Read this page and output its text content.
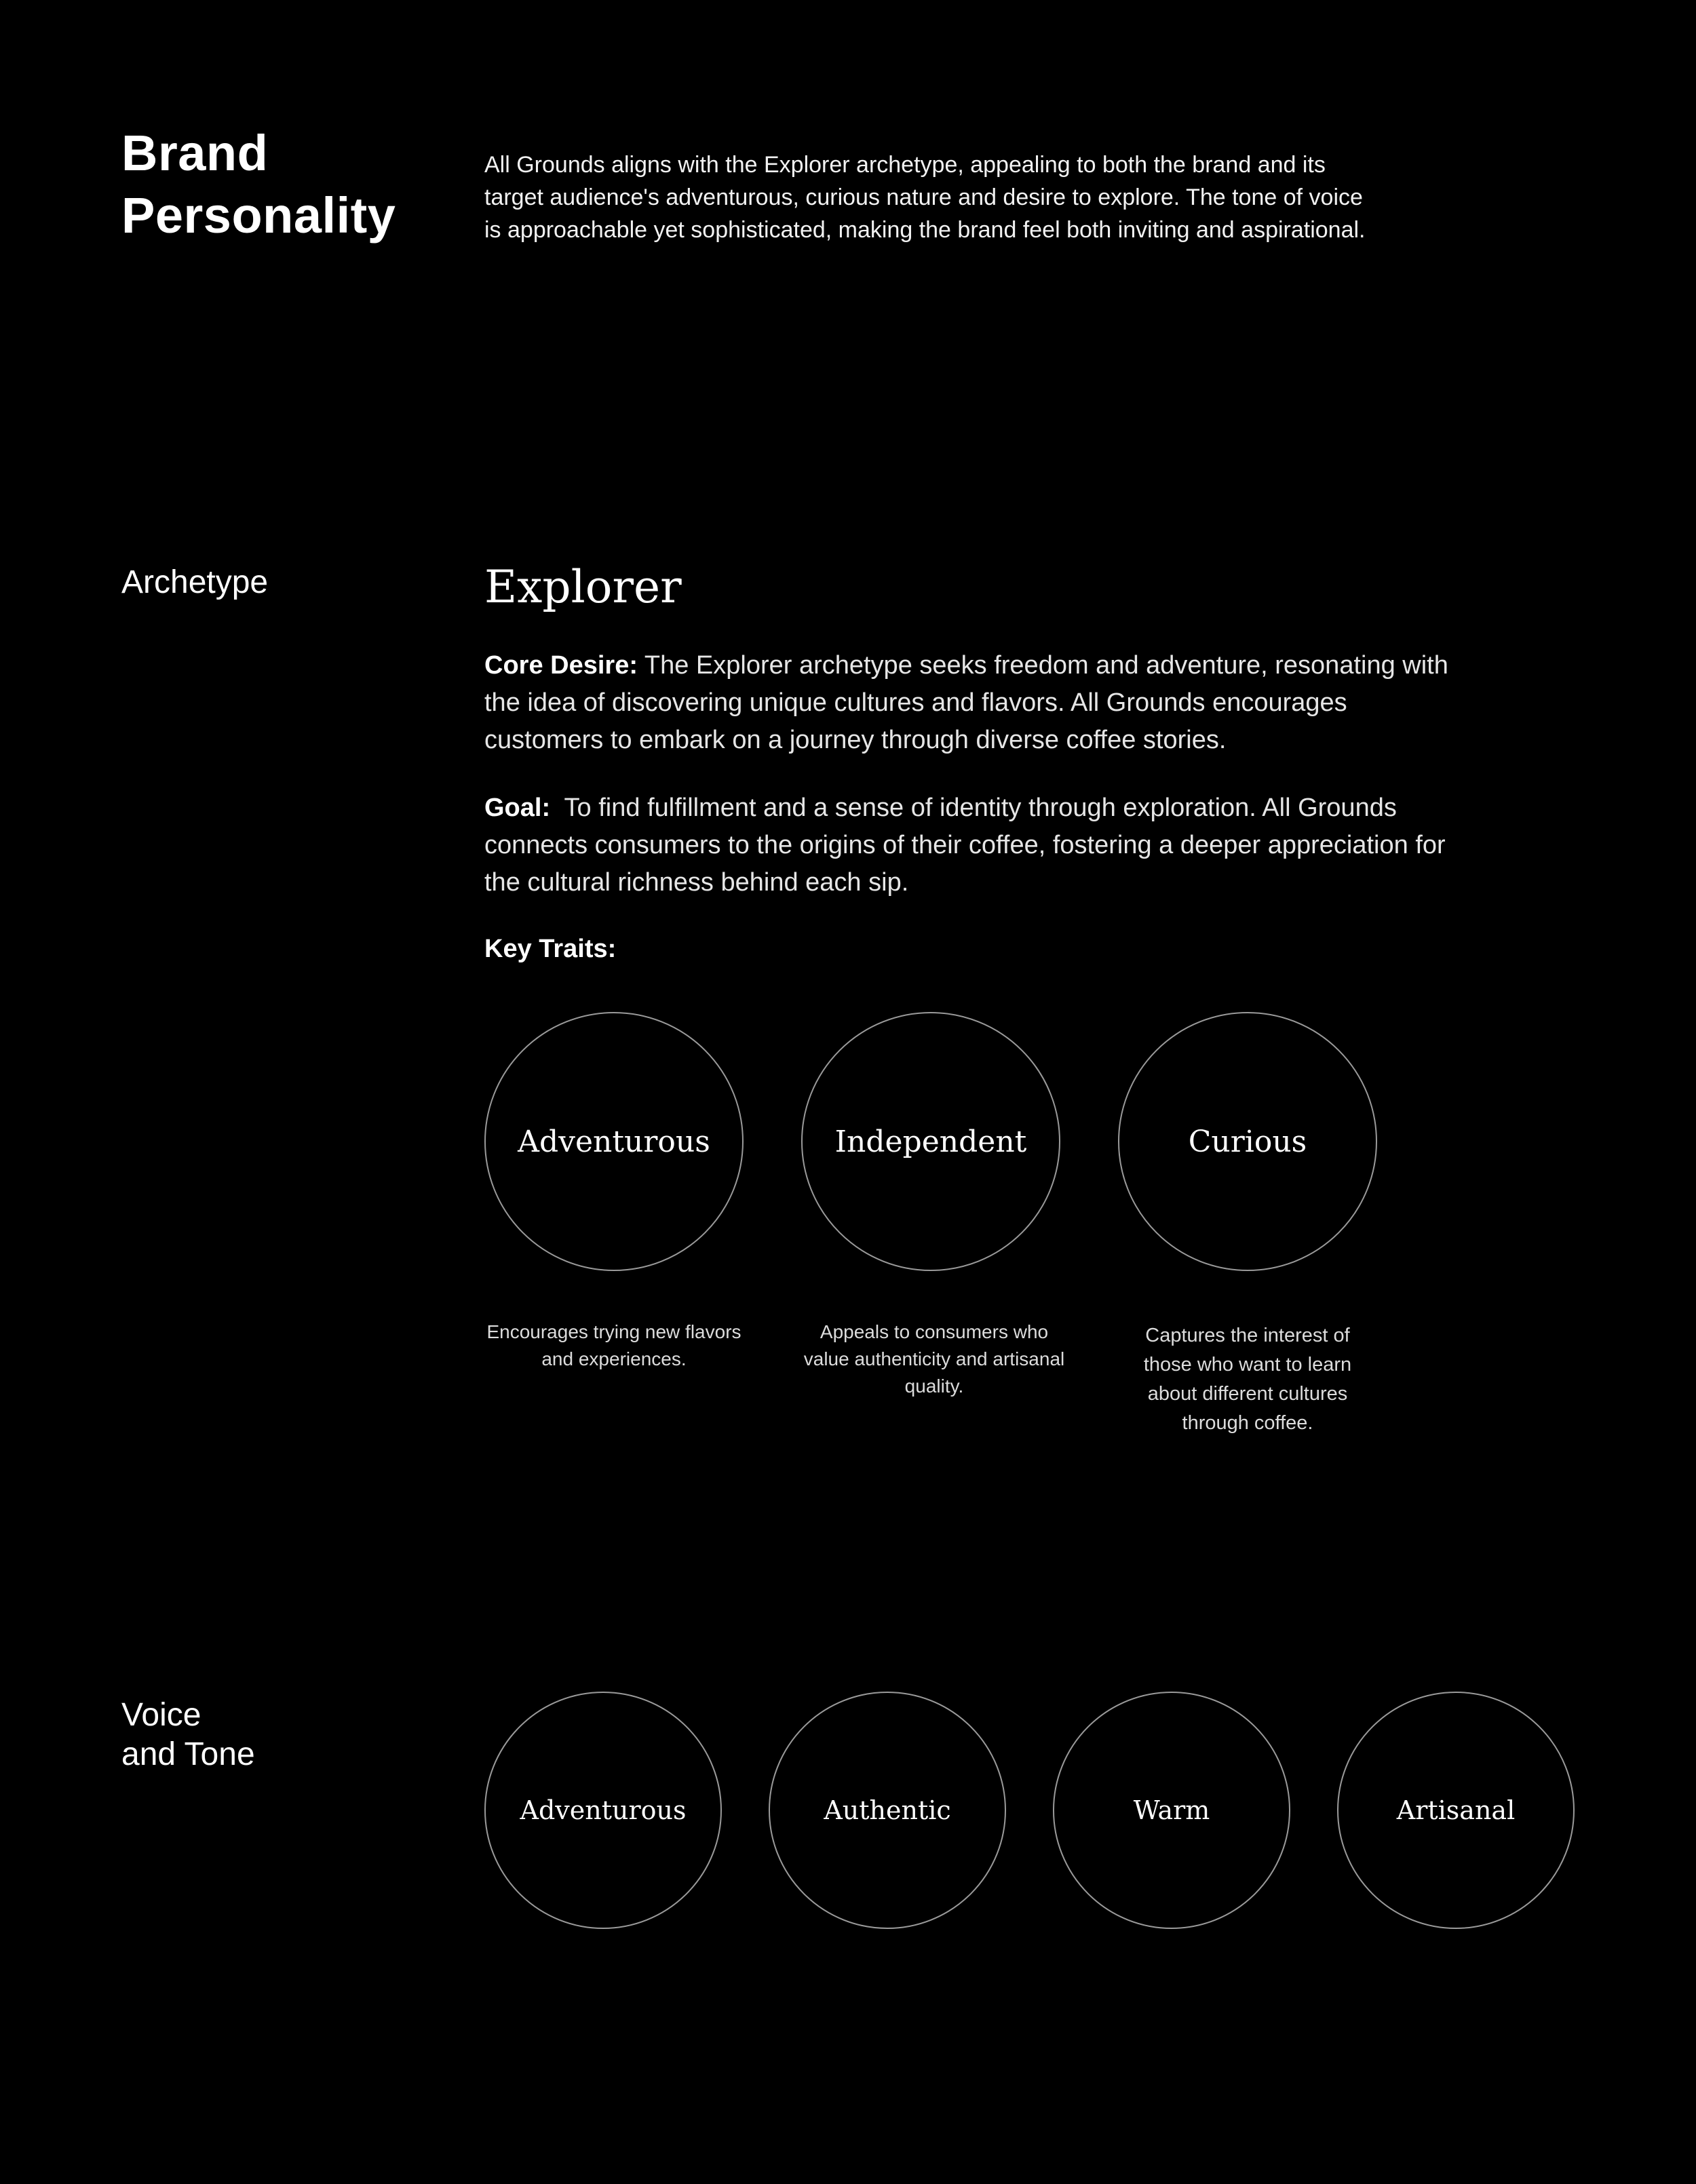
Brand
Personality
All Grounds aligns with the Explorer archetype, appealing to both the brand and its target audience's adventurous, curious nature and desire to explore. The tone of voice is approachable yet sophisticated, making the brand feel both inviting and aspirational.
Archetype	Explorer
Core Desire: The Explorer archetype seeks freedom and adventure, resonating with the idea of discovering unique cultures and flavors. All Grounds encourages customers to embark on a journey through diverse coffee stories.
Goal:  To find fulfillment and a sense of identity through exploration. All Grounds connects consumers to the origins of their coffee, fostering a deeper appreciation for the cultural richness behind each sip.
Key Traits:
Adventurous	Independent	Curious
Encourages trying new flavors and experiences.
Appeals to consumers who value authenticity and artisanal quality.
Captures the interest of those who want to learn about different cultures through coffee.
Voice
and Tone
Adventurous	Authentic	Warm	Artisanal
